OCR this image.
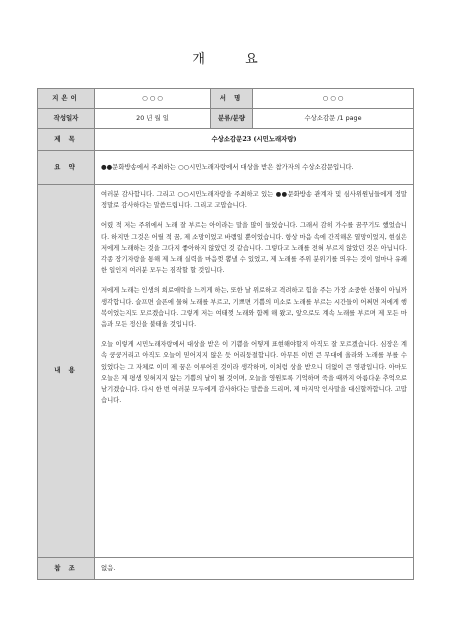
개 요
지은이	○ ○ ○	서 명	○ ○ ○
작성일자	20 년 월 일	분류/분량	수상소감문 /1 page
제 목	수상소감문23 (시민노래자랑)		
요 약	●●문화방송에서 주최하는 ○○시민노래자랑에서 대상을 받은 참가자의 수상소감문입니다.		
내 용	여러분 감사합니다. 그리고 ○○시민노래자랑을 주최하고 있는 ●●문화방송 관계자 및 심사위원님들에게 정말 정말로 감사하다는 말씀드립니다. 그리고 고맙습니다.

어렸 적 저는 주위에서 노래 잘 부르는 아이라는 말을 많이 들었습니다. 그래서 감히 가수를 꿈꾸기도 했었습니다. 하지만 그것은 어릴 적 꿈, 제 소망이었고 바램일 뿐이었습니다. 항상 마음 속에 간직해온 열망이었지, 현실은 저에게 노래하는 것을 그다지 좋아하지 않았던 것 같습니다. 그렇다고 노래를 전혀 부르지 않았던 것은 아닙니다. 각종 장기자랑을 통해 제 노래 실력을 마음껏 뽐낼 수 있었고, 제 노래를 주위 분위기를 띄우는 것이 얼마나 유쾌한 일인지 여러분 모두는 짐작할 할 것입니다.

저에게 노래는 인생의 희로애락을 느끼게 하는, 또한 날 위로하고 격려하고 힘을 주는 가장 소중한 선물이 아닐까 생각합니다. 슬프면 슬픈에 물혀 노래를 부르고, 기쁘면 기쁨의 미소로 노래를 부르는 시간들이 어쩌면 저에게 행복이었는지도 모르겠습니다. 그렇게 저는 여태껏 노래와 함께 해 왔고, 앞으로도 계속 노래를 부르며 제 모든 마음과 모든 정신을 불태울 것입니다.

오늘 이렇게 시민노래자랑에서 대상을 받은 이 기쁨을 어떻게 표현해야할지 아직도 잘 모르겠습니다. 심장은 계속 쿵쿵거리고 아직도 오늘이 믿어지지 않은 듯 어리둥절합니다. 아무튼 이번 큰 무대에 올라와 노래를 부를 수 있었다는 그 자체로 이미 제 꿈은 이루어진 것이라 생각하며, 이처럼 상을 받으니 더없이 큰 영광입니다. 아마도 오늘은 제 평생 잊혀지지 않는 기쁨의 날이 될 것이며, 오늘을 영원토록 기억하며 죽을 때까지 아름다운 추억으로 남기겠습니다. 다시 한 번 여러분 모두에게 감사하다는 말씀을 드리며, 제 마지막 인사말을 대신할까합니다. 고맙습니다.		

참 조	없음.		
